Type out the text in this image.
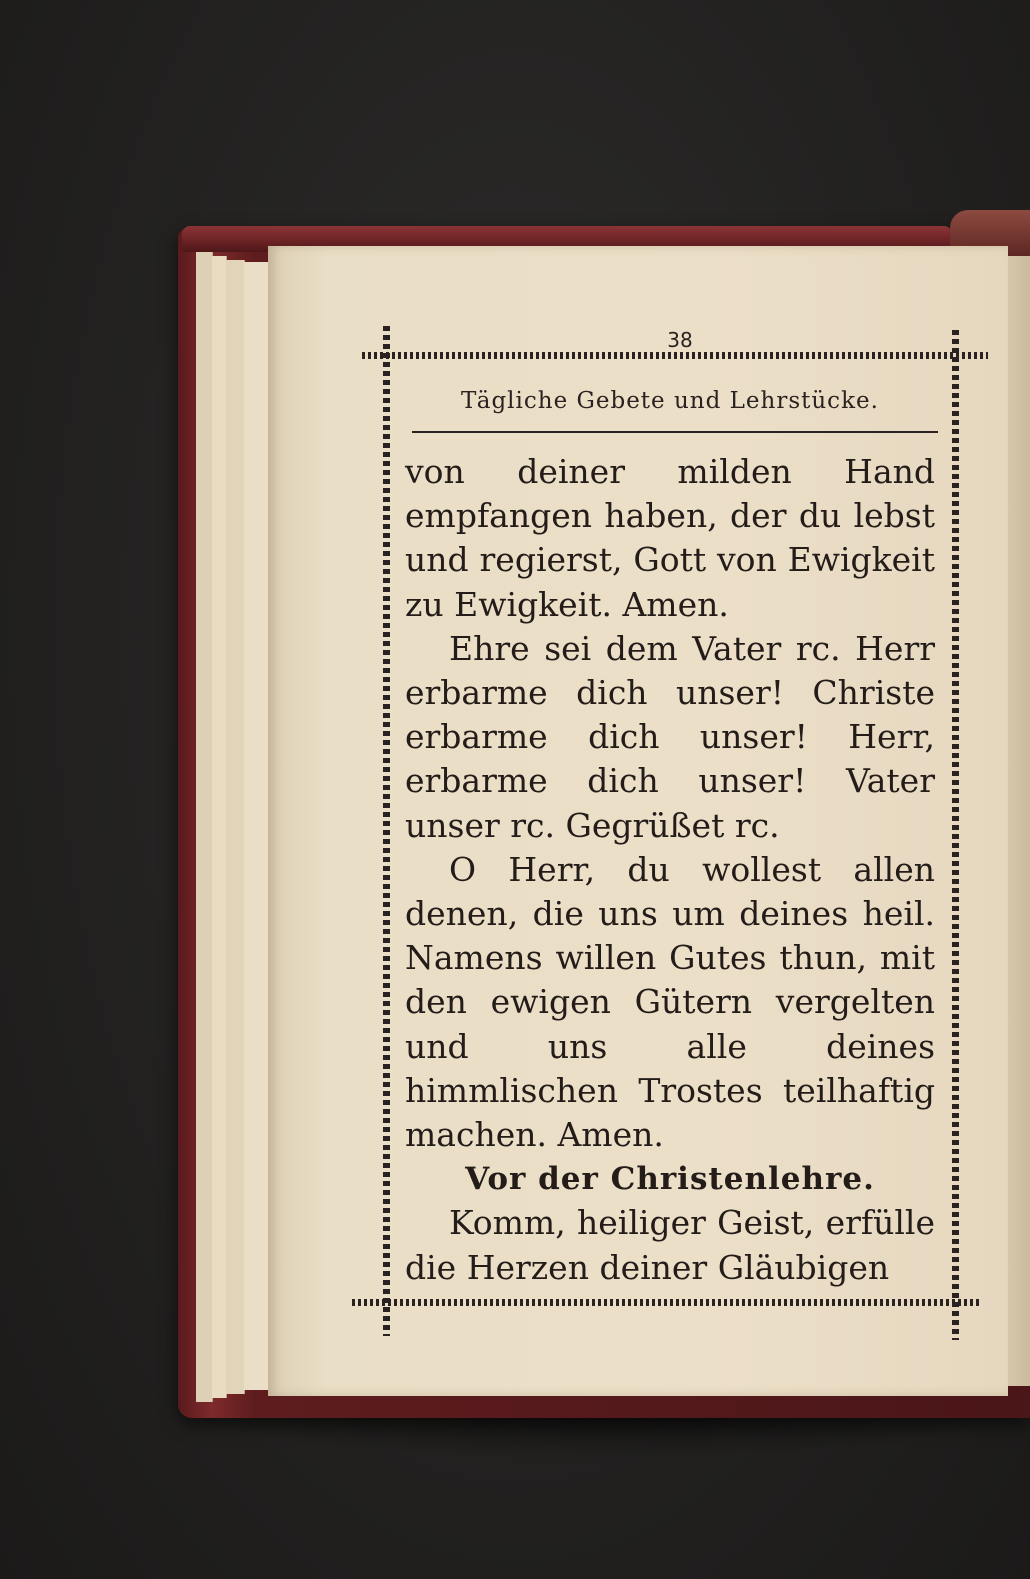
38
Tägliche Gebete und Lehrstücke.

von deiner milden Hand empfangen haben, der du lebst und regierst, Gott von Ewigkeit zu Ewigkeit. Amen.

Ehre sei dem Vater rc. Herr erbarme dich unser! Christe erbarme dich unser! Herr, erbarme dich unser! Vater unser rc. Gegrüßet rc.

O Herr, du wollest allen denen, die uns um deines heil. Namens willen Gutes thun, mit den ewigen Gütern vergelten und uns alle deines himmlischen Trostes teilhaftig machen. Amen.

Vor der Christenlehre.

Komm, heiliger Geist, erfülle die Herzen deiner Gläubigen
